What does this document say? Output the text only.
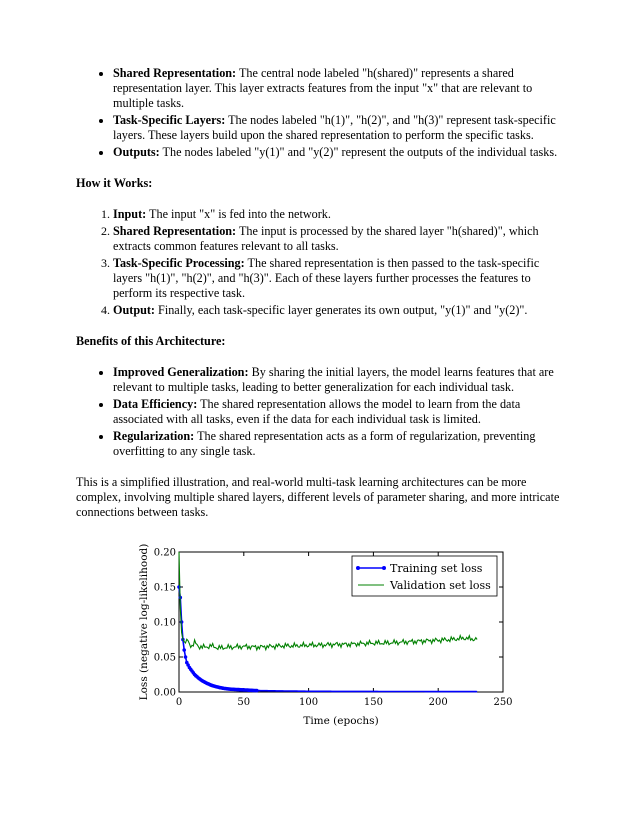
• Shared Representation: The central node labeled "h(shared)" represents a shared representation layer. This layer extracts features from the input "x" that are relevant to multiple tasks.
• Task-Specific Layers: The nodes labeled "h(1)", "h(2)", and "h(3)" represent task-specific layers. These layers build upon the shared representation to perform the specific tasks.
• Outputs: The nodes labeled "y(1)" and "y(2)" represent the outputs of the individual tasks.
How it Works:
1. Input: The input "x" is fed into the network.
2. Shared Representation: The input is processed by the shared layer "h(shared)", which extracts common features relevant to all tasks.
3. Task-Specific Processing: The shared representation is then passed to the task-specific layers "h(1)", "h(2)", and "h(3)". Each of these layers further processes the features to perform its respective task.
4. Output: Finally, each task-specific layer generates its own output, "y(1)" and "y(2)".
Benefits of this Architecture:
• Improved Generalization: By sharing the initial layers, the model learns features that are relevant to multiple tasks, leading to better generalization for each individual task.
• Data Efficiency: The shared representation allows the model to learn from the data associated with all tasks, even if the data for each individual task is limited.
• Regularization: The shared representation acts as a form of regularization, preventing overfitting to any single task.

This is a simplified illustration, and real-world multi-task learning architectures can be more complex, involving multiple shared layers, different levels of parameter sharing, and more intricate connections between tasks.

0	50	100	150	200	250
0.00
0.05
0.10
0.15
0.20
Time (epochs)
Loss (negative log-likelihood)	Training set loss
Validation set loss
